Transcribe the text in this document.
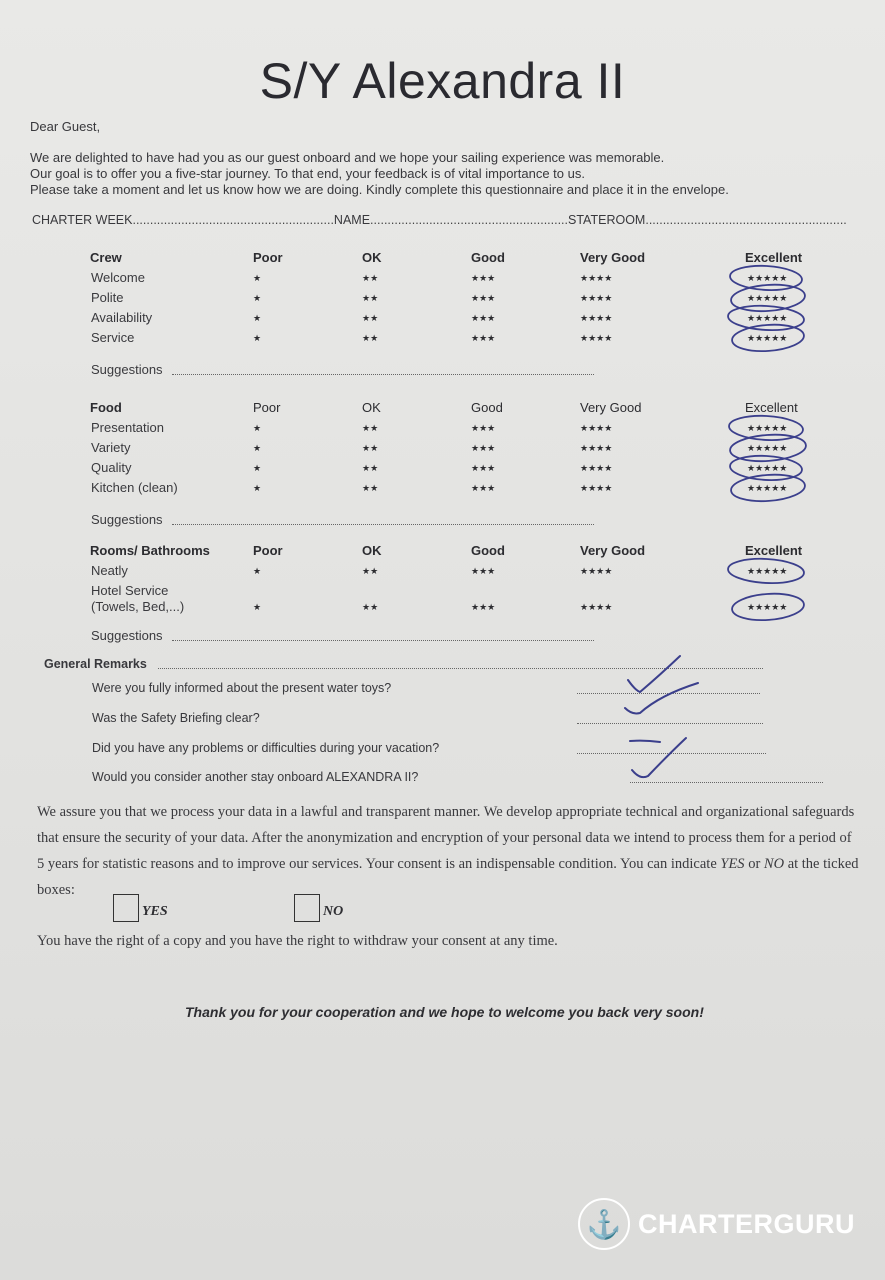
S/Y Alexandra II
Dear Guest,
We are delighted to have had you as our guest onboard and we hope your sailing experience was memorable.
Our goal is to offer you a five-star journey. To that end, your feedback is of vital importance to us.
Please take a moment and let us know how we are doing. Kindly complete this questionnaire and place it in the envelope.
CHARTER WEEK..........................................................NAME.........................................................STATEROOM..........................................................
Crew	Poor	OK	Good	Very Good	Excellent
Welcome	★	★★	★★★	★★★★	★★★★★
Polite	★	★★	★★★	★★★★	★★★★★
Availability	★	★★	★★★	★★★★	★★★★★
Service	★	★★	★★★	★★★★	★★★★★
Suggestions
Food	Poor	OK	Good	Very Good	Excellent
Presentation	★	★★	★★★	★★★★	★★★★★
Variety	★	★★	★★★	★★★★	★★★★★
Quality	★	★★	★★★	★★★★	★★★★★
Kitchen (clean)	★	★★	★★★	★★★★	★★★★★
Suggestions
Rooms/ Bathrooms	Poor	OK	Good	Very Good	Excellent
Neatly	★	★★	★★★	★★★★	★★★★★
Hotel Service
(Towels, Bed,...)	★	★★	★★★	★★★★	★★★★★
Suggestions
General Remarks
Were you fully informed about the present water toys?
Was the Safety Briefing clear?
Did you have any problems or difficulties during your vacation?
Would you consider another stay onboard ALEXANDRA II?
We assure you that we process your data in a lawful and transparent manner. We develop appropriate technical and organizational safeguards that ensure the security of your data. After the anonymization and encryption of your personal data we intend to process them for a period of 5 years for statistic reasons and to improve our services. Your consent is an indispensable condition. You can indicate YES or NO at the ticked boxes:
YES	NO
You have the right of a copy and you have the right to withdraw your consent at any time.
Thank you for your cooperation and we hope to welcome you back very soon!
⚓ CHARTERGURU
